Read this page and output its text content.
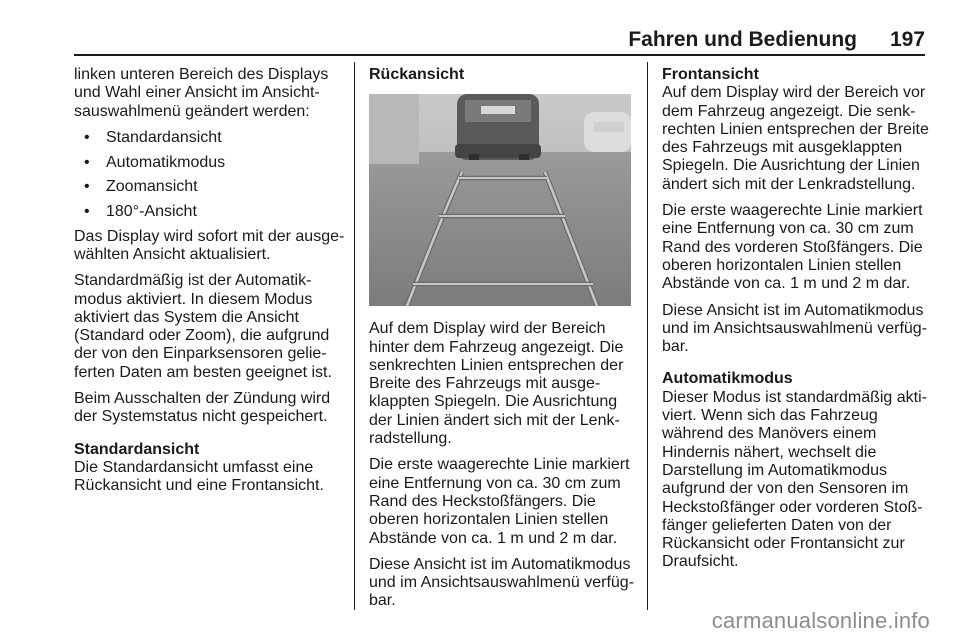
Fahren und Bedienung 197

linken unteren Bereich des Displays
und Wahl einer Ansicht im Ansicht-
sauswahlmenü geändert werden:

• Standardansicht
• Automatikmodus
• Zoomansicht
• 180°-Ansicht

Das Display wird sofort mit der ausge-
wählten Ansicht aktualisiert.

Standardmäßig ist der Automatik-
modus aktiviert. In diesem Modus
aktiviert das System die Ansicht
(Standard oder Zoom), die aufgrund
der von den Einparksensoren gelie-
ferten Daten am besten geeignet ist.

Beim Ausschalten der Zündung wird
der Systemstatus nicht gespeichert.

Standardansicht

Die Standardansicht umfasst eine
Rückansicht und eine Frontansicht.

Rückansicht

Auf dem Display wird der Bereich
hinter dem Fahrzeug angezeigt. Die
senkrechten Linien entsprechen der
Breite des Fahrzeugs mit ausge-
klappten Spiegeln. Die Ausrichtung
der Linien ändert sich mit der Lenk-
radstellung.

Die erste waagerechte Linie markiert
eine Entfernung von ca. 30 cm zum
Rand des Heckstoßfängers. Die
oberen horizontalen Linien stellen
Abstände von ca. 1 m und 2 m dar.

Diese Ansicht ist im Automatikmodus
und im Ansichtsauswahlmenü verfüg-
bar.

Frontansicht

Auf dem Display wird der Bereich vor
dem Fahrzeug angezeigt. Die senk-
rechten Linien entsprechen der Breite
des Fahrzeugs mit ausgeklappten
Spiegeln. Die Ausrichtung der Linien
ändert sich mit der Lenkradstellung.

Die erste waagerechte Linie markiert
eine Entfernung von ca. 30 cm zum
Rand des vorderen Stoßfängers. Die
oberen horizontalen Linien stellen
Abstände von ca. 1 m und 2 m dar.

Diese Ansicht ist im Automatikmodus
und im Ansichtsauswahlmenü verfüg-
bar.

Automatikmodus

Dieser Modus ist standardmäßig akti-
viert. Wenn sich das Fahrzeug
während des Manövers einem
Hindernis nähert, wechselt die
Darstellung im Automatikmodus
aufgrund der von den Sensoren im
Heckstoßfänger oder vorderen Stoß-
fänger gelieferten Daten von der
Rückansicht oder Frontansicht zur
Draufsicht.

carmanualsonline.info
